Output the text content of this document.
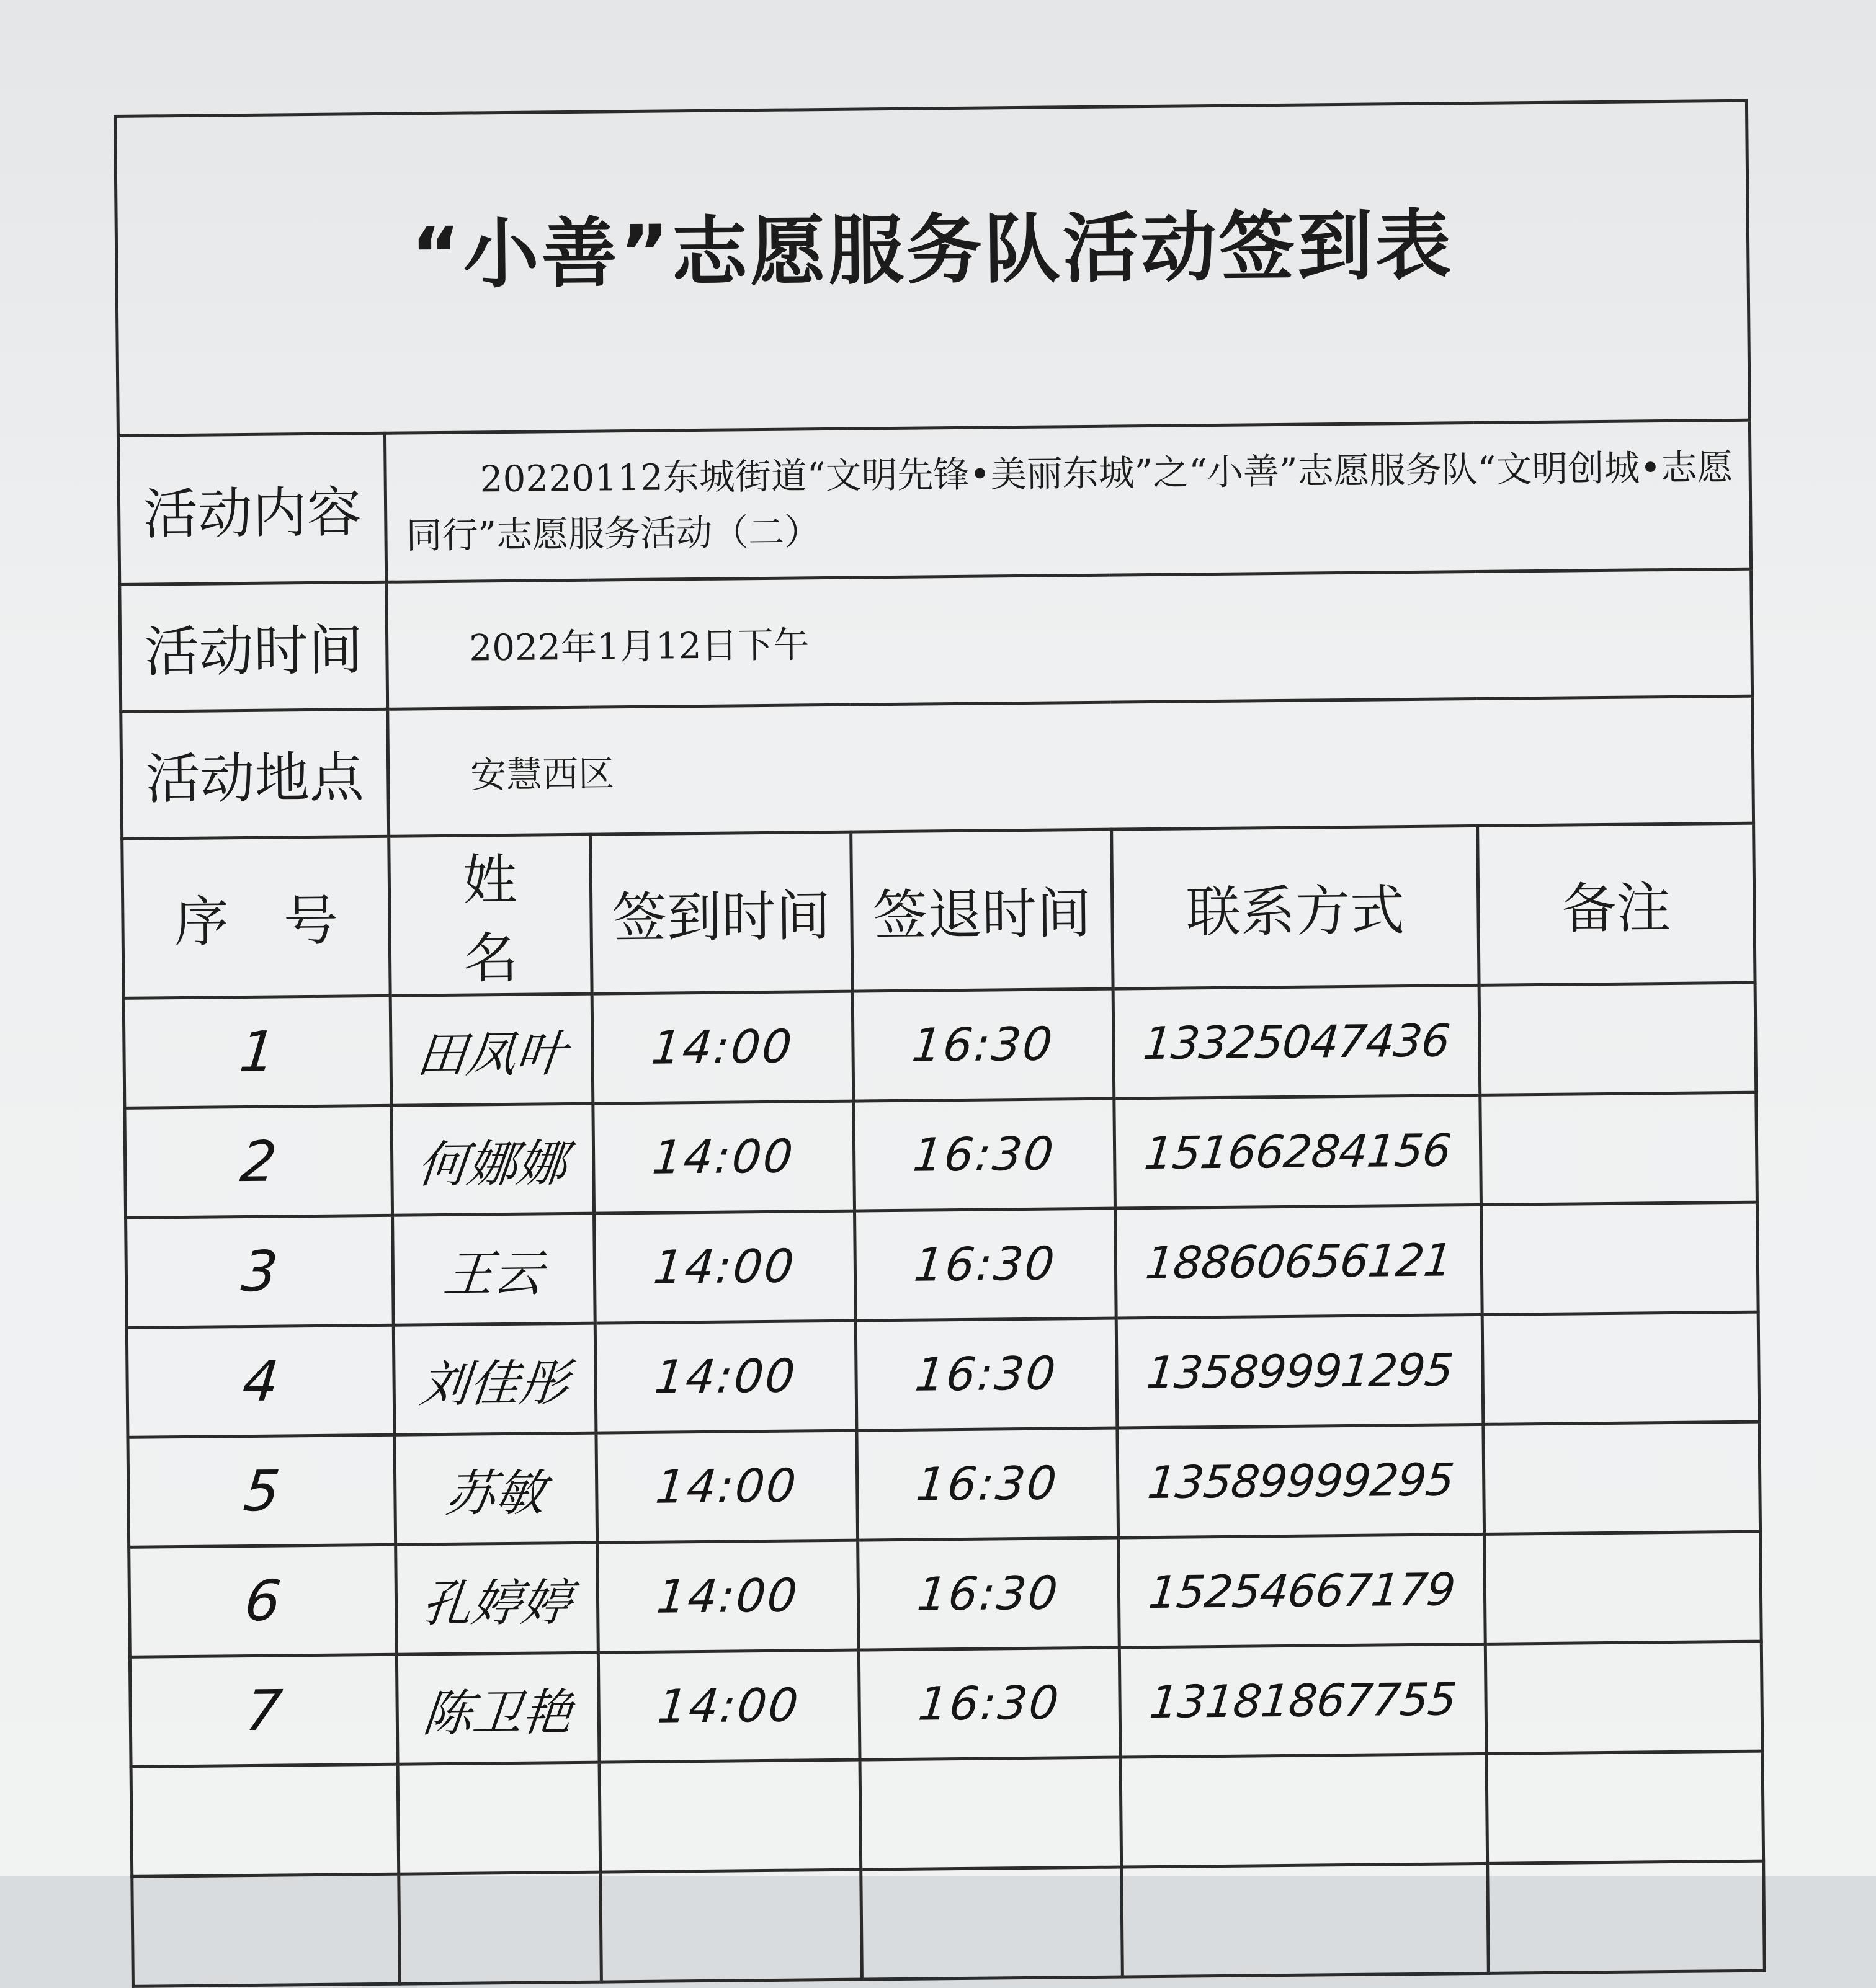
“小善”志愿服务队活动签到表					
活动内容	20220112东城街道“文明先锋•美丽东城”之“小善”志愿服务队“文明创城•志愿同行”志愿服务活动（二）				

活动时间	2022年1月12日下午				
活动地点	安慧西区				
序　号	姓　　名	签到时间	签退时间	联系方式	备注
1	田凤叶	14:00	16:30	13325047436	
2	何娜娜	14:00	16:30	15166284156	
3	王云	14:00	16:30	18860656121	
4	刘佳彤	14:00	16:30	13589991295	
5	苏敏	14:00	16:30	13589999295	
6	孔婷婷	14:00	16:30	15254667179	
7	陈卫艳	14:00	16:30	13181867755	
